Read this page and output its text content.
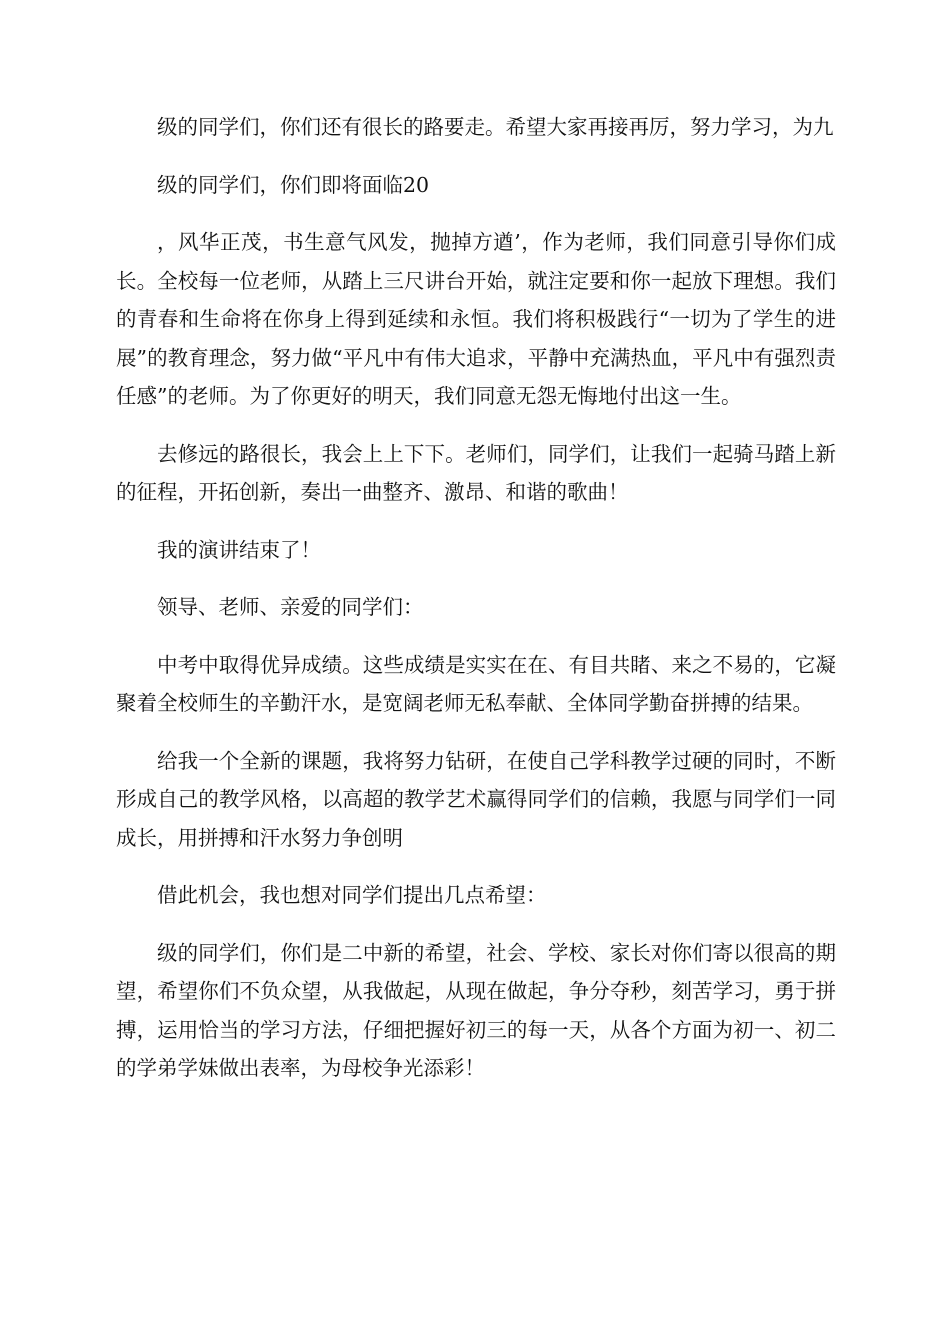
级的同学们，你们还有很长的路要走。希望大家再接再厉，努力学习，为九

级的同学们，你们即将面临20

，风华正茂，书生意气风发，抛掉方遒’，作为老师，我们同意引导你们成长。全校每一位老师，从踏上三尺讲台开始，就注定要和你一起放下理想。我们的青春和生命将在你身上得到延续和永恒。我们将积极践行“一切为了学生的进展”的教育理念，努力做“平凡中有伟大追求，平静中充满热血，平凡中有强烈责任感”的老师。为了你更好的明天，我们同意无怨无悔地付出这一生。

去修远的路很长，我会上上下下。老师们，同学们，让我们一起骑马踏上新的征程，开拓创新，奏出一曲整齐、激昂、和谐的歌曲！

我的演讲结束了！

领导、老师、亲爱的同学们：

中考中取得优异成绩。这些成绩是实实在在、有目共睹、来之不易的，它凝聚着全校师生的辛勤汗水，是宽阔老师无私奉献、全体同学勤奋拼搏的结果。

给我一个全新的课题，我将努力钻研，在使自己学科教学过硬的同时，不断形成自己的教学风格，以高超的教学艺术赢得同学们的信赖，我愿与同学们一同成长，用拼搏和汗水努力争创明

借此机会，我也想对同学们提出几点希望：

级的同学们，你们是二中新的希望，社会、学校、家长对你们寄以很高的期望，希望你们不负众望，从我做起，从现在做起，争分夺秒，刻苦学习，勇于拼搏，运用恰当的学习方法，仔细把握好初三的每一天，从各个方面为初一、初二的学弟学妹做出表率，为母校争光添彩！
